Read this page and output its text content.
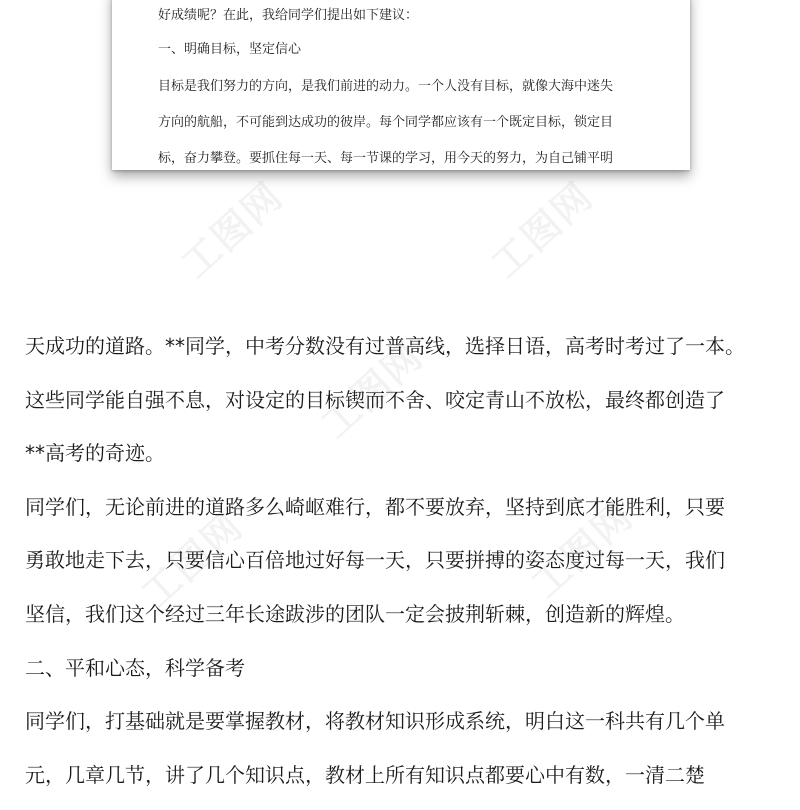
工图网	工图网
工图网
工图网	工图网
好成绩呢？在此，我给同学们提出如下建议：
一、明确目标，坚定信心
目标是我们努力的方向，是我们前进的动力。一个人没有目标，就像大海中迷失
方向的航船，不可能到达成功的彼岸。每个同学都应该有一个既定目标，锁定目
标，奋力攀登。要抓住每一天、每一节课的学习，用今天的努力，为自己铺平明
天成功的道路。**同学，中考分数没有过普高线，选择日语，高考时考过了一本。
这些同学能自强不息，对设定的目标锲而不舍、咬定青山不放松，最终都创造了
**高考的奇迹。
同学们，无论前进的道路多么崎岖难行，都不要放弃，坚持到底才能胜利，只要
勇敢地走下去，只要信心百倍地过好每一天，只要拼搏的姿态度过每一天，我们
坚信，我们这个经过三年长途跋涉的团队一定会披荆斩棘，创造新的辉煌。
二、平和心态，科学备考
同学们，打基础就是要掌握教材，将教材知识形成系统，明白这一科共有几个单
元，几章几节，讲了几个知识点，教材上所有知识点都要心中有数，一清二楚
